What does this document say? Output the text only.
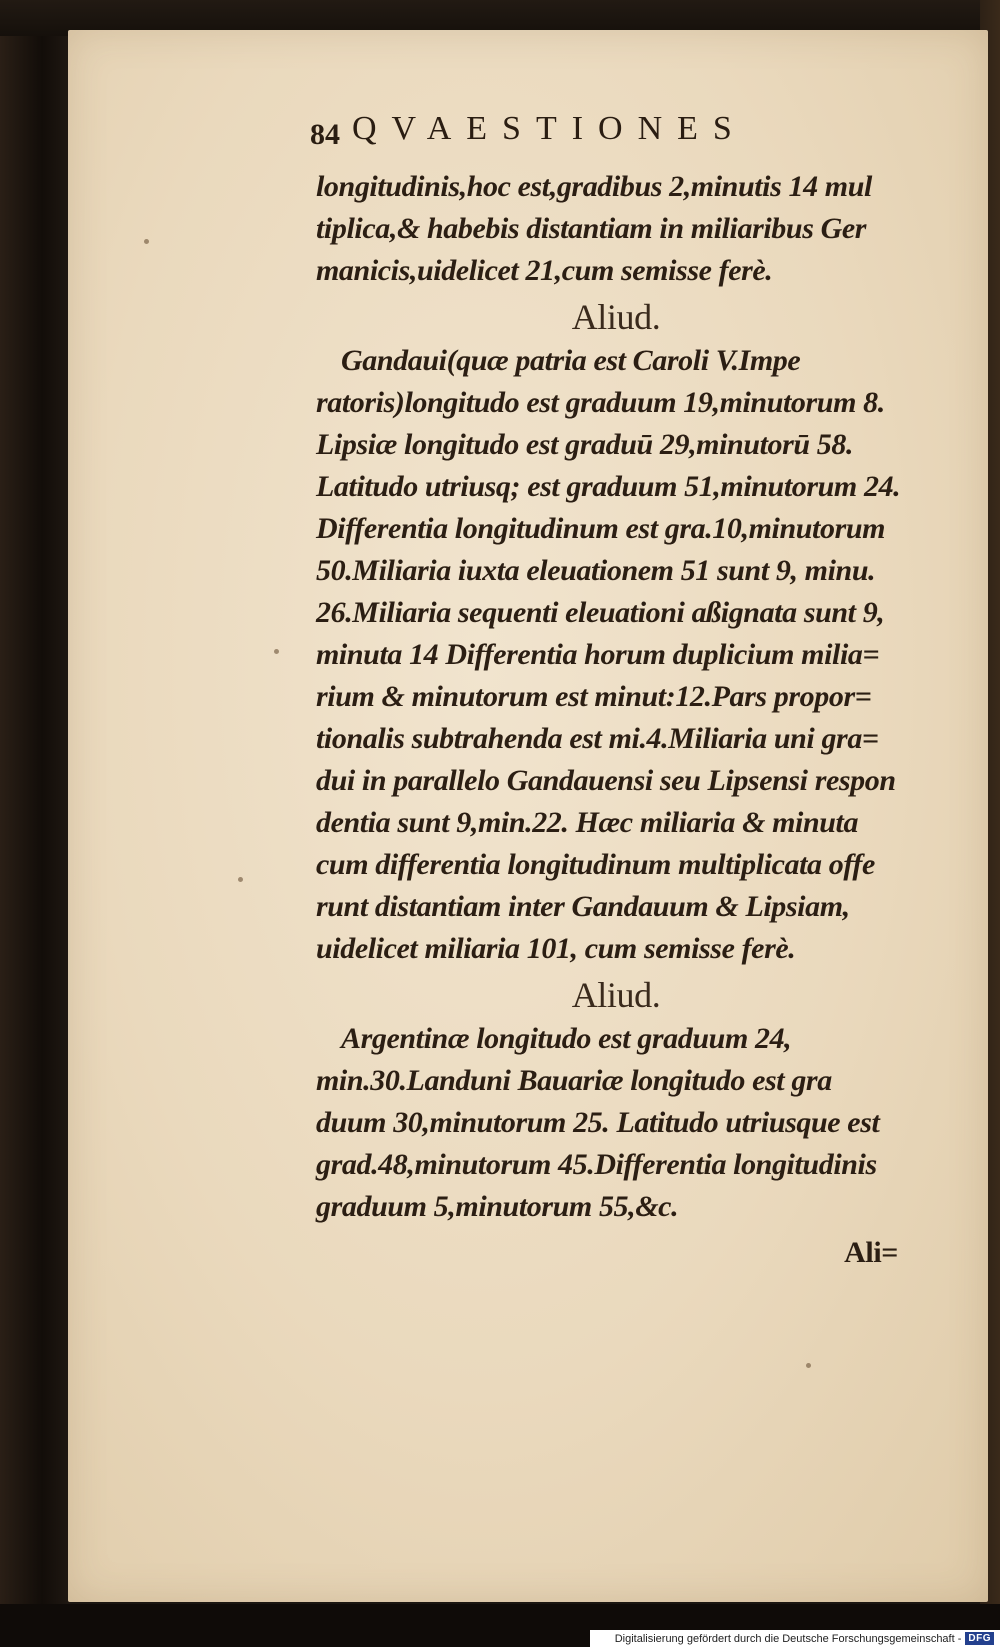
84 QVAESTIONES
longitudinis,hoc est,gradibus 2,minutis 14 mul
tiplica,& habebis distantiam in miliaribus Ger
manicis,uidelicet 21,cum semisse ferè.
Aliud.
Gandaui(quæ patria est Caroli V.Impe
ratoris)longitudo est graduum 19,minutorum 8.
Lipsiæ longitudo est graduū 29,minutorū 58.
Latitudo utriusq; est graduum 51,minutorum 24.
Differentia longitudinum est gra.10,minutorum
50.Miliaria iuxta eleuationem 51 sunt 9, minu.
26.Miliaria sequenti eleuationi aßignata sunt 9,
minuta 14 Differentia horum duplicium milia=
rium & minutorum est minut:12.Pars propor=
tionalis subtrahenda est mi.4.Miliaria uni gra=
dui in parallelo Gandauensi seu Lipsensi respon
dentia sunt 9,min.22. Hæc miliaria & minuta
cum differentia longitudinum multiplicata offe
runt distantiam inter Gandauum & Lipsiam,
uidelicet miliaria 101, cum semisse ferè.
Aliud.
Argentinæ longitudo est graduum 24,
min.30.Landuni Bauariæ longitudo est gra
duum 30,minutorum 25. Latitudo utriusque est
grad.48,minutorum 45.Differentia longitudinis
graduum 5,minutorum 55,&c.
Ali=
Digitalisierung gefördert durch die Deutsche Forschungsgemeinschaft - DFG
